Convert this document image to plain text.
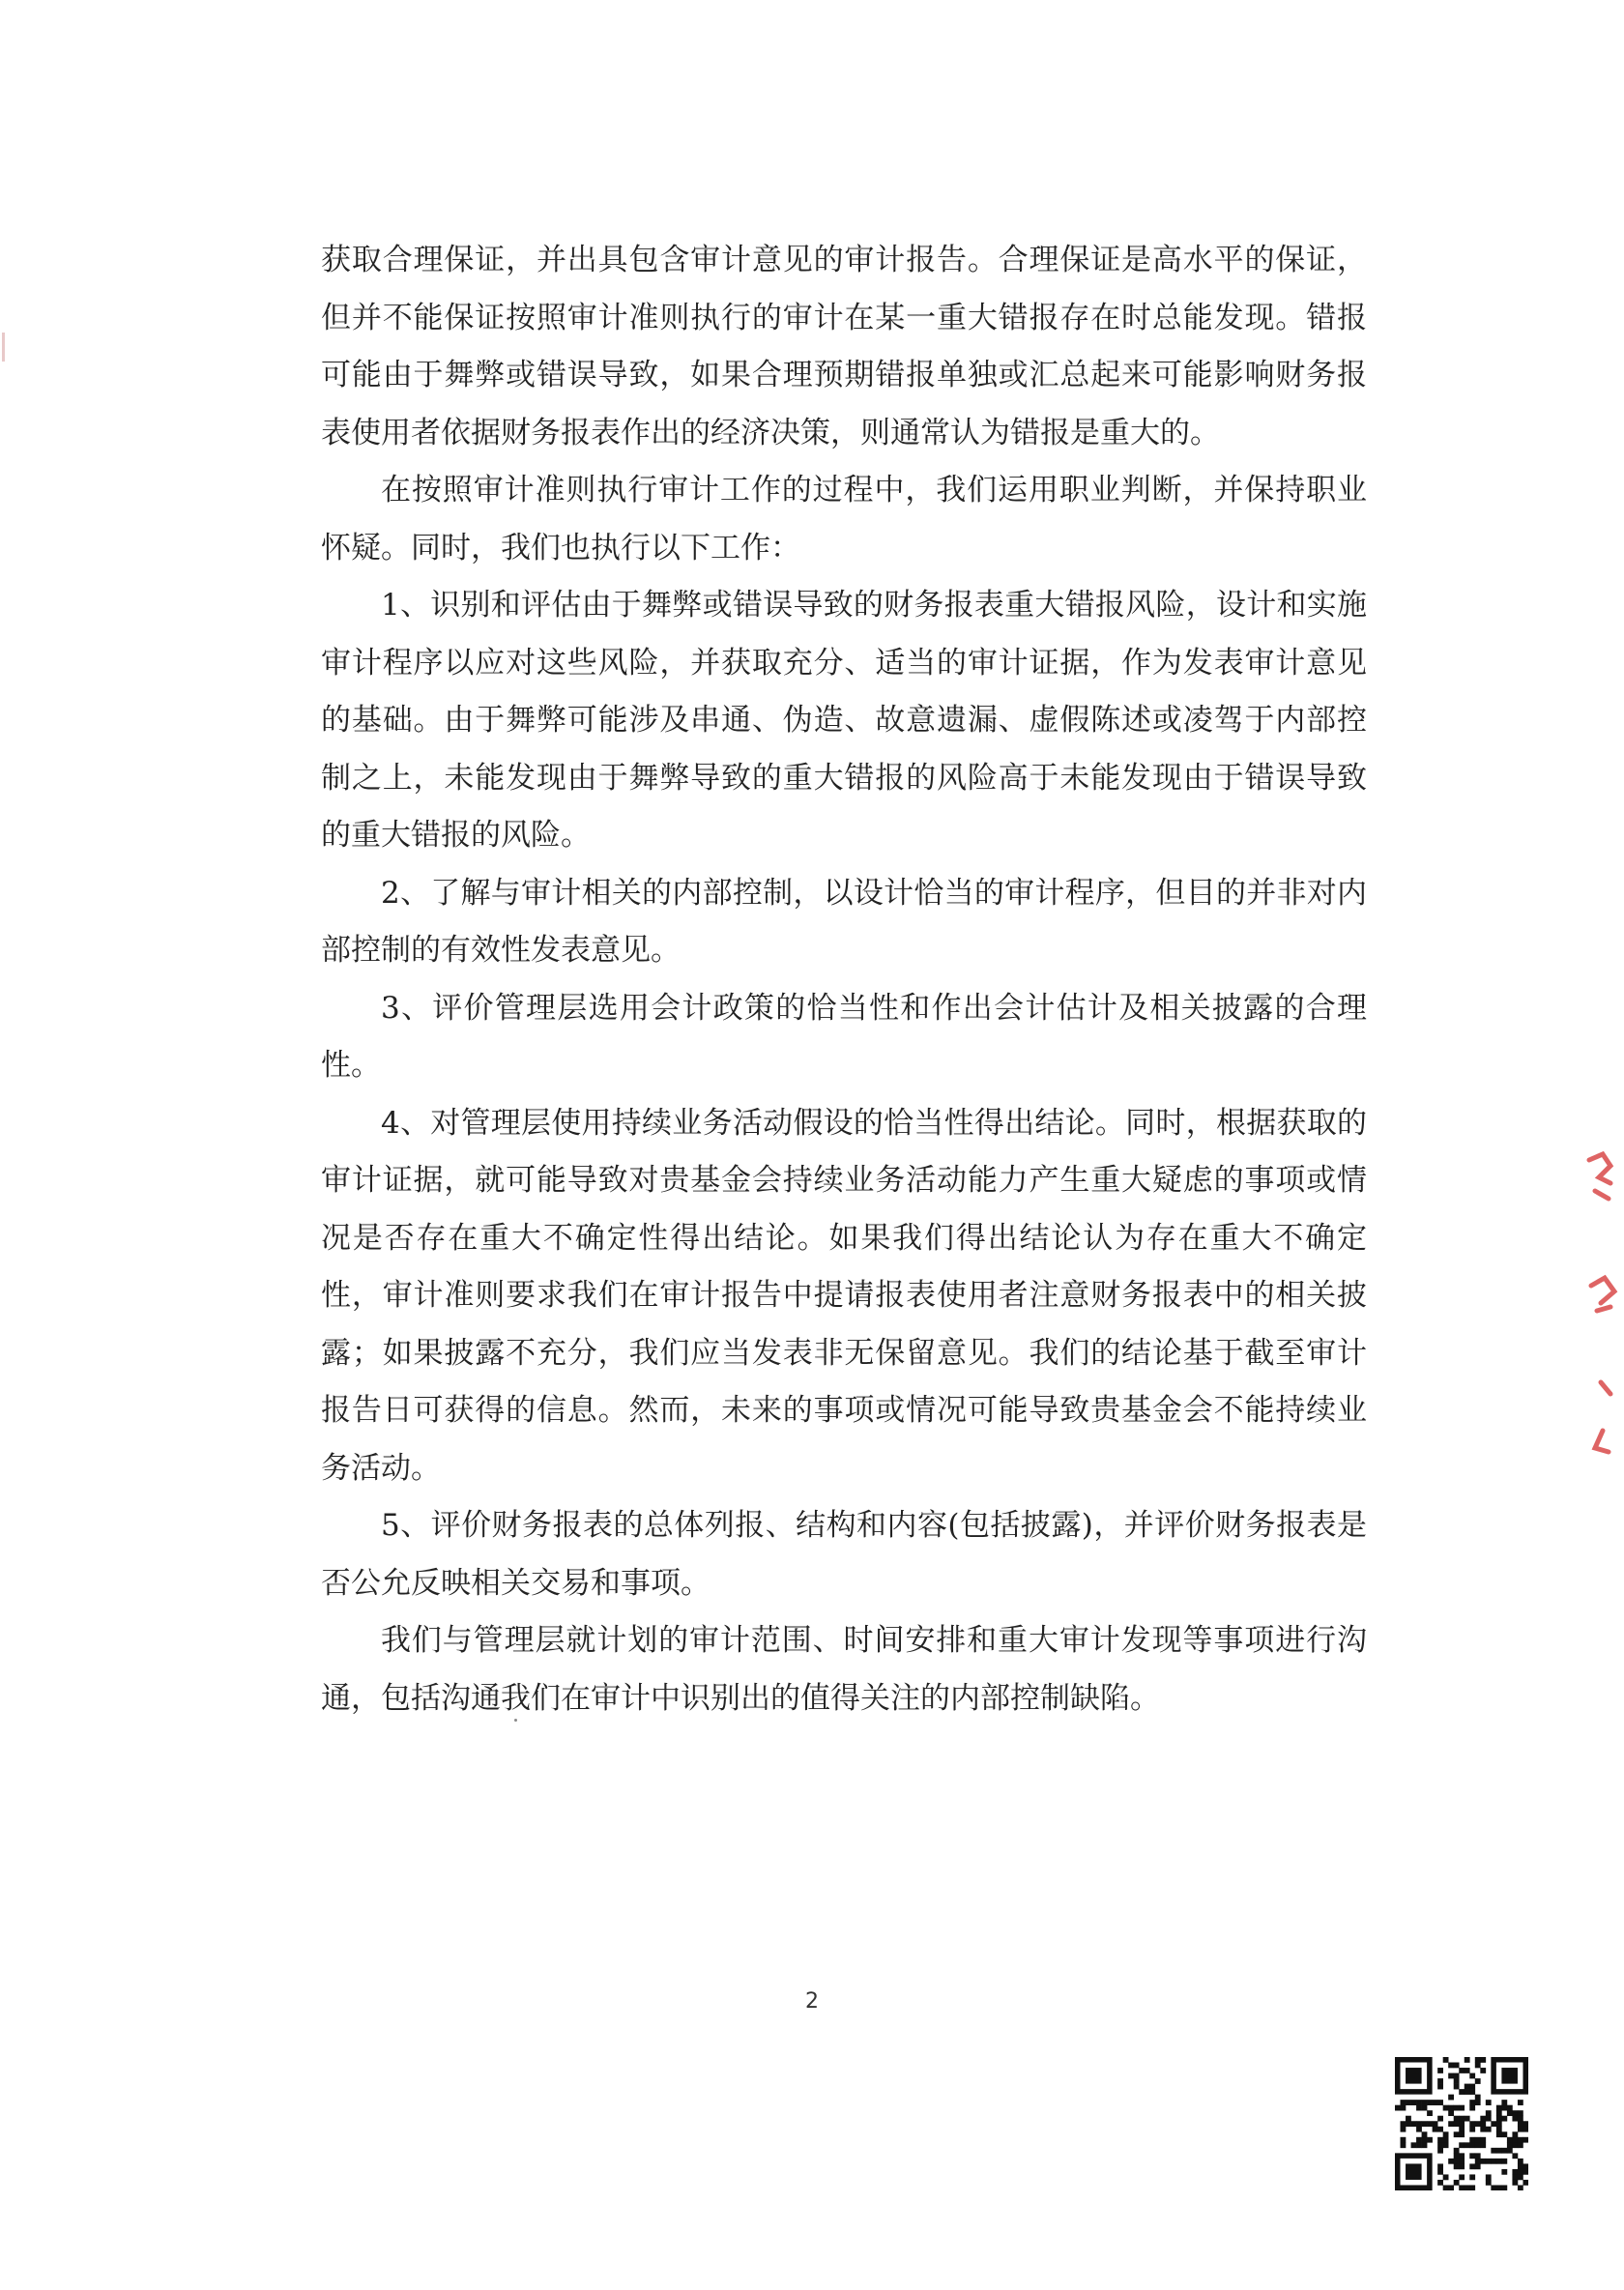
获取合理保证，并出具包含审计意见的审计报告。合理保证是高水平的保证，但并不能保证按照审计准则执行的审计在某一重大错报存在时总能发现。错报可能由于舞弊或错误导致，如果合理预期错报单独或汇总起来可能影响财务报表使用者依据财务报表作出的经济决策，则通常认为错报是重大的。

在按照审计准则执行审计工作的过程中，我们运用职业判断，并保持职业怀疑。同时，我们也执行以下工作：

1、识别和评估由于舞弊或错误导致的财务报表重大错报风险，设计和实施审计程序以应对这些风险，并获取充分、适当的审计证据，作为发表审计意见的基础。由于舞弊可能涉及串通、伪造、故意遗漏、虚假陈述或凌驾于内部控制之上，未能发现由于舞弊导致的重大错报的风险高于未能发现由于错误导致的重大错报的风险。

2、了解与审计相关的内部控制，以设计恰当的审计程序，但目的并非对内部控制的有效性发表意见。

3、评价管理层选用会计政策的恰当性和作出会计估计及相关披露的合理性。

4、对管理层使用持续业务活动假设的恰当性得出结论。同时，根据获取的审计证据，就可能导致对贵基金会持续业务活动能力产生重大疑虑的事项或情况是否存在重大不确定性得出结论。如果我们得出结论认为存在重大不确定性，审计准则要求我们在审计报告中提请报表使用者注意财务报表中的相关披露；如果披露不充分，我们应当发表非无保留意见。我们的结论基于截至审计报告日可获得的信息。然而，未来的事项或情况可能导致贵基金会不能持续业务活动。

5、评价财务报表的总体列报、结构和内容(包括披露)，并评价财务报表是否公允反映相关交易和事项。

我们与管理层就计划的审计范围、时间安排和重大审计发现等事项进行沟通，包括沟通我们在审计中识别出的值得关注的内部控制缺陷。

2
